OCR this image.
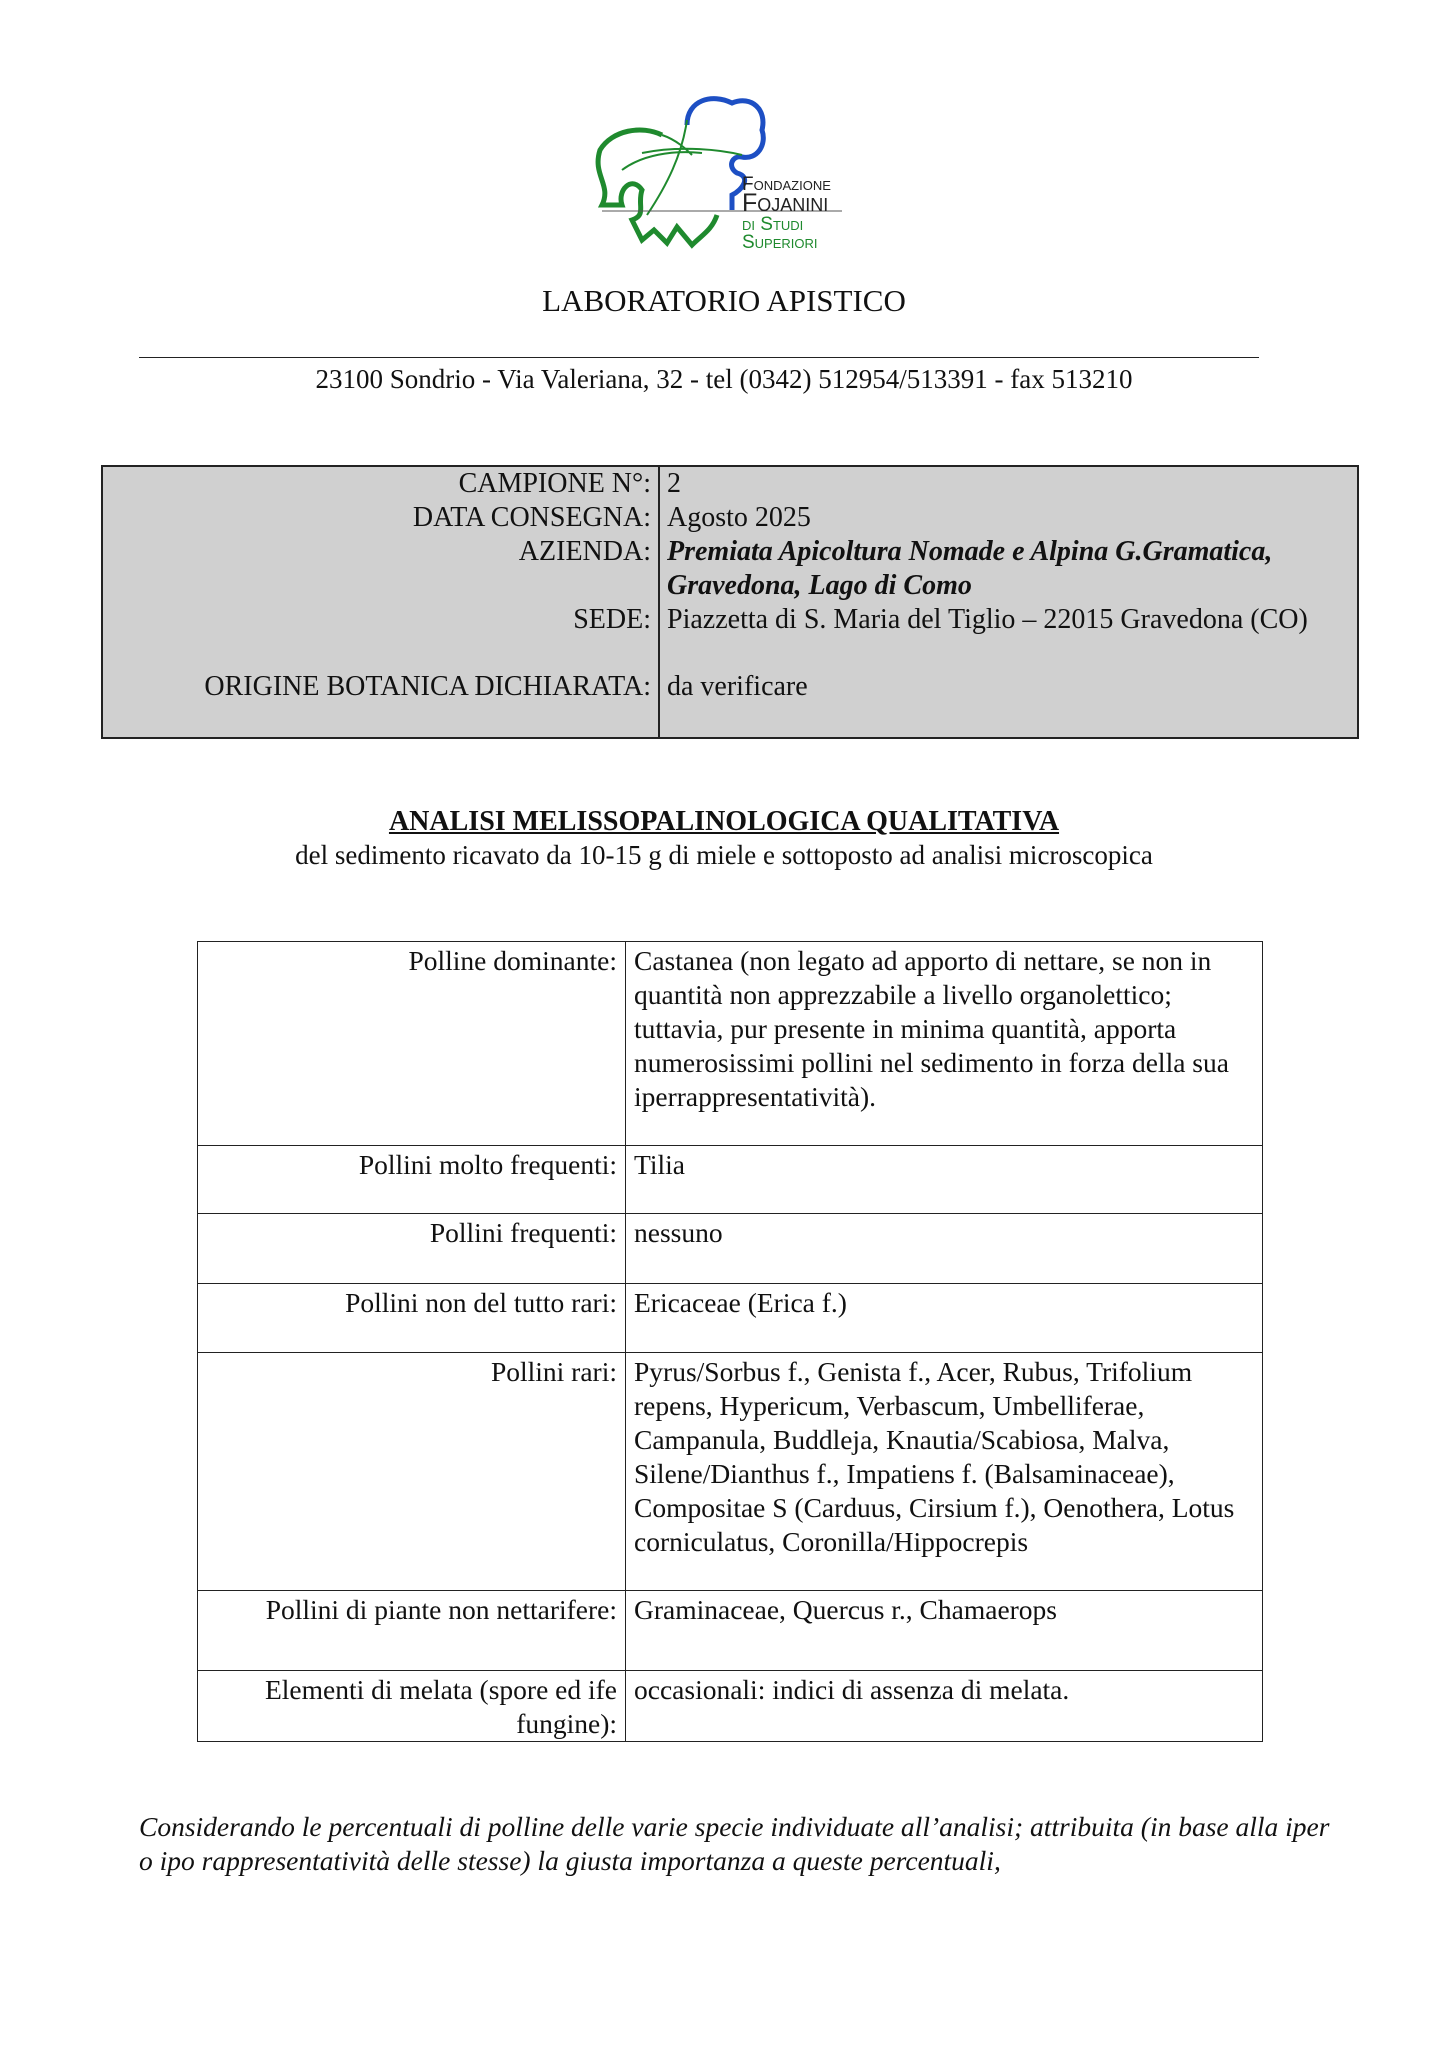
Fondazione
Fojanini
di Studi
Superiori
LABORATORIO APISTICO
23100 Sondrio - Via Valeriana, 32 - tel (0342) 512954/513391 - fax 513210
CAMPIONE N°: 2
DATA CONSEGNA: Agosto 2025
AZIENDA: Premiata Apicoltura Nomade e Alpina G.Gramatica,
Gravedona, Lago di Como
SEDE: Piazzetta di S. Maria del Tiglio – 22015 Gravedona (CO)
ORIGINE BOTANICA DICHIARATA: da verificare
ANALISI MELISSOPALINOLOGICA QUALITATIVA
del sedimento ricavato da 10-15 g di miele e sottoposto ad analisi microscopica
Polline dominante:	Castanea (non legato ad apporto di nettare, se non in quantità non apprezzabile a livello organolettico; tuttavia, pur presente in minima quantità, apporta numerosissimi pollini nel sedimento in forza della sua iperrappresentatività).
Pollini molto frequenti:	Tilia
Pollini frequenti:	nessuno
Pollini non del tutto rari:	Ericaceae (Erica f.)
Pollini rari:	Pyrus/Sorbus f., Genista f., Acer, Rubus, Trifolium repens, Hypericum, Verbascum, Umbelliferae, Campanula, Buddleja, Knautia/Scabiosa, Malva, Silene/Dianthus f., Impatiens f. (Balsaminaceae), Compositae S (Carduus, Cirsium f.), Oenothera, Lotus corniculatus, Coronilla/Hippocrepis
Pollini di piante non nettarifere:	Graminaceae, Quercus r., Chamaerops
Elementi di melata (spore ed ife fungine):	occasionali: indici di assenza di melata.
Considerando le percentuali di polline delle varie specie individuate all’analisi; attribuita (in base alla iper o ipo rappresentatività delle stesse) la giusta importanza a queste percentuali,
